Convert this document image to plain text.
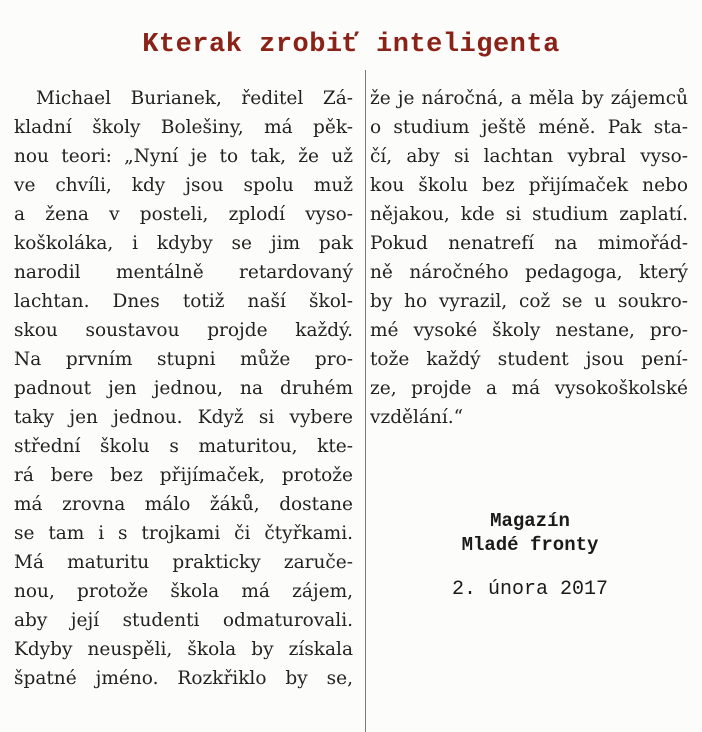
Kterak zrobiť inteligenta
Michael Burianek, ředitel Zá-
kladní školy Bolešiny, má pěk-
nou teori: „Nyní je to tak, že už
ve chvíli, kdy jsou spolu muž
a žena v posteli, zplodí vyso-
koškoláka, i kdyby se jim pak
narodil mentálně retardovaný
lachtan. Dnes totiž naší škol-
skou soustavou projde každý.
Na prvním stupni může pro-
padnout jen jednou, na druhém
taky jen jednou. Když si vybere
střední školu s maturitou, kte-
rá bere bez přijímaček, protože
má zrovna málo žáků, dostane
se tam i s trojkami či čtyřkami.
Má maturitu prakticky zaruče-
nou, protože škola má zájem,
aby její studenti odmaturovali.
Kdyby neuspěli, škola by získala
špatné jméno. Rozkřiklo by se,
že je náročná, a měla by zájemců
o studium ještě méně. Pak sta-
čí, aby si lachtan vybral vyso-
kou školu bez přijímaček nebo
nějakou, kde si studium zaplatí.
Pokud nenatrefí na mimořád-
ně náročného pedagoga, který
by ho vyrazil, což se u soukro-
mé vysoké školy nestane, pro-
tože každý student jsou pení-
ze, projde a má vysokoškolské
vzdělání.“
Magazín
Mladé fronty
2. února 2017
